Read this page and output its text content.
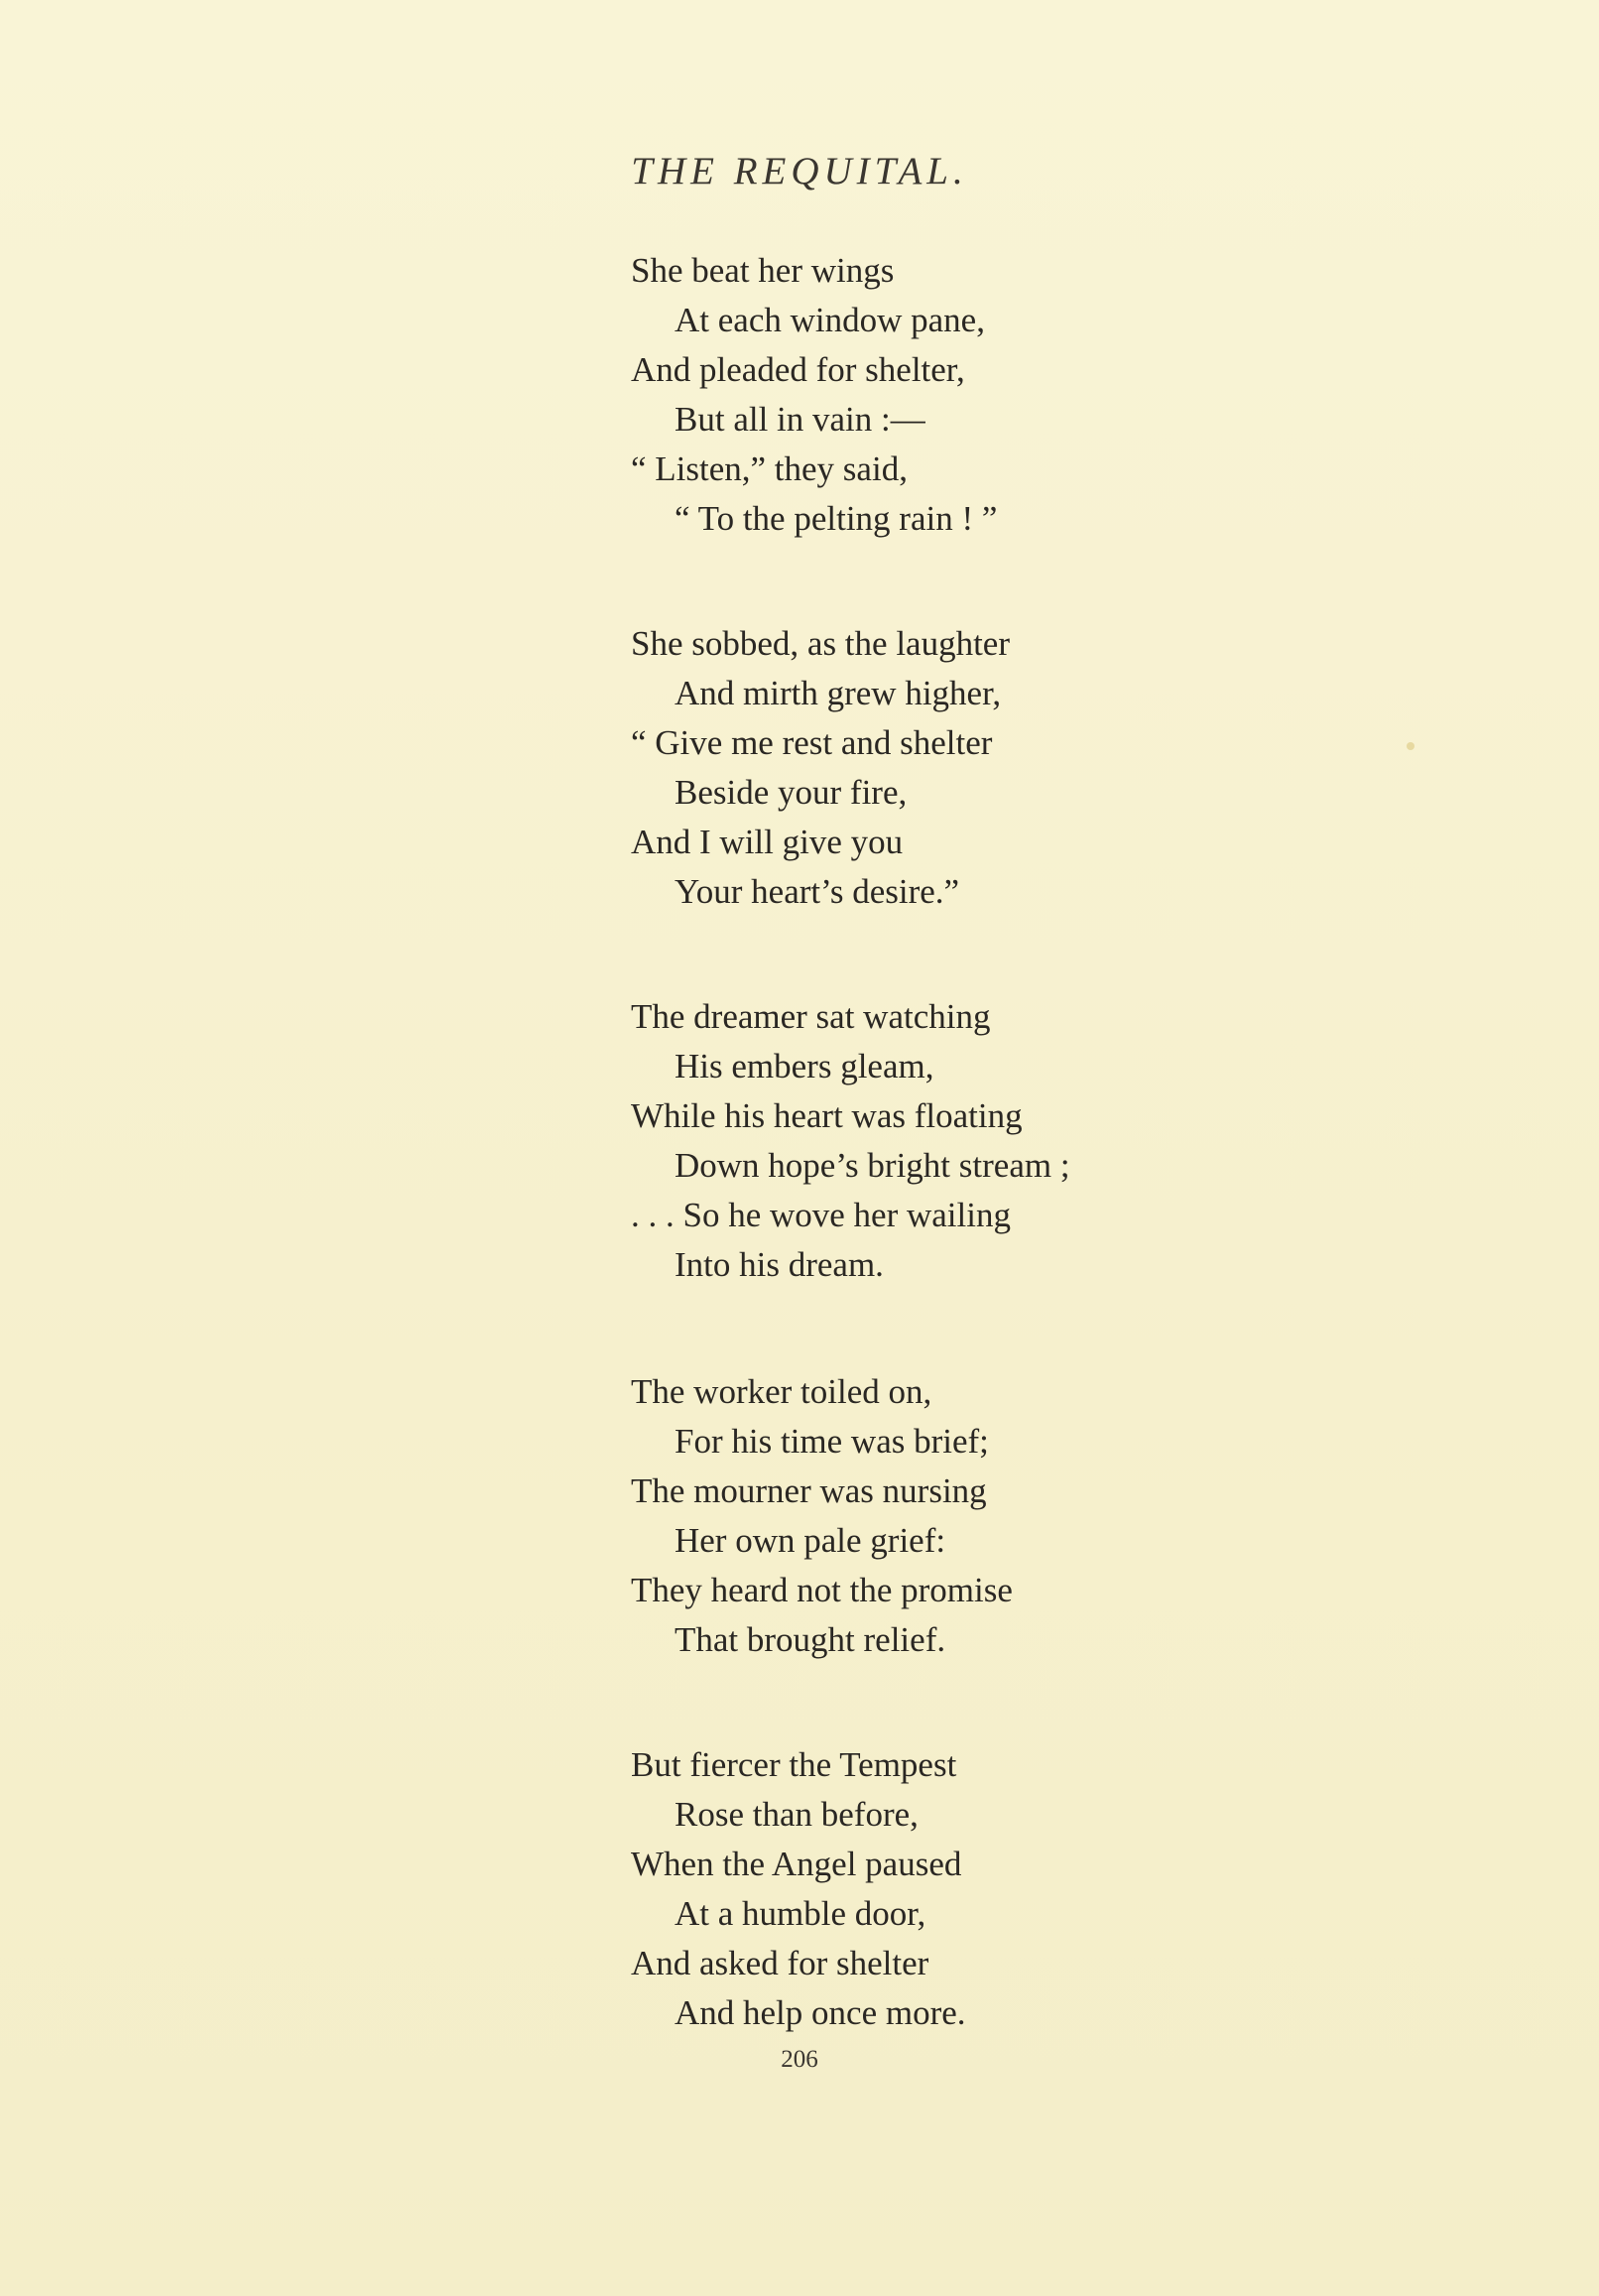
THE REQUITAL.
She beat her wings
At each window pane,
And pleaded for shelter,
But all in vain :—
“ Listen,” they said,
“ To the pelting rain ! ”
She sobbed, as the laughter
And mirth grew higher,
“ Give me rest and shelter
Beside your fire,
And I will give you
Your heart’s desire.”
The dreamer sat watching
His embers gleam,
While his heart was floating
Down hope’s bright stream ;
. . . So he wove her wailing
Into his dream.
The worker toiled on,
For his time was brief;
The mourner was nursing
Her own pale grief:
They heard not the promise
That brought relief.
But fiercer the Tempest
Rose than before,
When the Angel paused
At a humble door,
And asked for shelter
And help once more.
206
